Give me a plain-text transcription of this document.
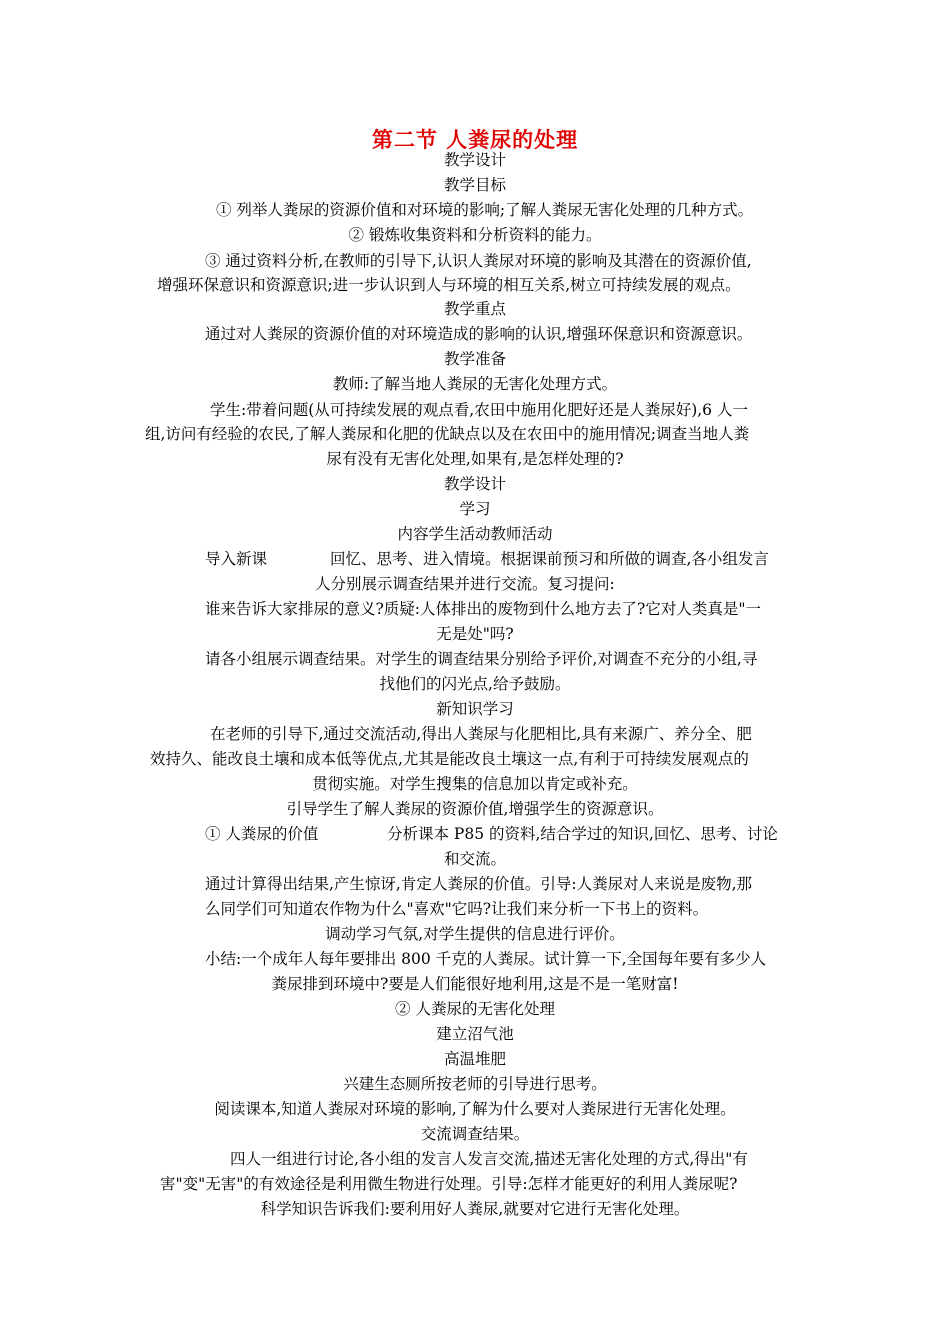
第二节 人粪尿的处理
教学设计
教学目标
① 列举人粪尿的资源价值和对环境的影响;了解人粪尿无害化处理的几种方式。
② 锻炼收集资料和分析资料的能力。
③ 通过资料分析,在教师的引导下,认识人粪尿对环境的影响及其潜在的资源价值,
增强环保意识和资源意识;进一步认识到人与环境的相互关系,树立可持续发展的观点。
教学重点
通过对人粪尿的资源价值的对环境造成的影响的认识,增强环保意识和资源意识。
教学准备
教师:了解当地人粪尿的无害化处理方式。
学生:带着问题(从可持续发展的观点看,农田中施用化肥好还是人粪尿好),6 人一
组,访问有经验的农民,了解人粪尿和化肥的优缺点以及在农田中的施用情况;调查当地人粪
尿有没有无害化处理,如果有,是怎样处理的?
教学设计
学习
内容学生活动教师活动
导入新课	回忆、思考、进入情境。根据课前预习和所做的调查,各小组发言
人分别展示调查结果并进行交流。复习提问:
谁来告诉大家排尿的意义?质疑:人体排出的废物到什么地方去了?它对人类真是"一
无是处"吗?
请各小组展示调查结果。对学生的调查结果分别给予评价,对调查不充分的小组,寻
找他们的闪光点,给予鼓励。
新知识学习
在老师的引导下,通过交流活动,得出人粪尿与化肥相比,具有来源广、养分全、肥
效持久、能改良土壤和成本低等优点,尤其是能改良土壤这一点,有利于可持续发展观点的
贯彻实施。对学生搜集的信息加以肯定或补充。
引导学生了解人粪尿的资源价值,增强学生的资源意识。
① 人粪尿的价值	分析课本 P85 的资料,结合学过的知识,回忆、思考、讨论
和交流。
通过计算得出结果,产生惊讶,肯定人粪尿的价值。引导:人粪尿对人来说是废物,那
么同学们可知道农作物为什么"喜欢"它吗?让我们来分析一下书上的资料。
调动学习气氛,对学生提供的信息进行评价。
小结:一个成年人每年要排出 800 千克的人粪尿。试计算一下,全国每年要有多少人
粪尿排到环境中?要是人们能很好地利用,这是不是一笔财富!
② 人粪尿的无害化处理
建立沼气池
高温堆肥
兴建生态厕所按老师的引导进行思考。
阅读课本,知道人粪尿对环境的影响,了解为什么要对人粪尿进行无害化处理。
交流调查结果。
四人一组进行讨论,各小组的发言人发言交流,描述无害化处理的方式,得出"有
害"变"无害"的有效途径是利用微生物进行处理。引导:怎样才能更好的利用人粪尿呢?
科学知识告诉我们:要利用好人粪尿,就要对它进行无害化处理。
